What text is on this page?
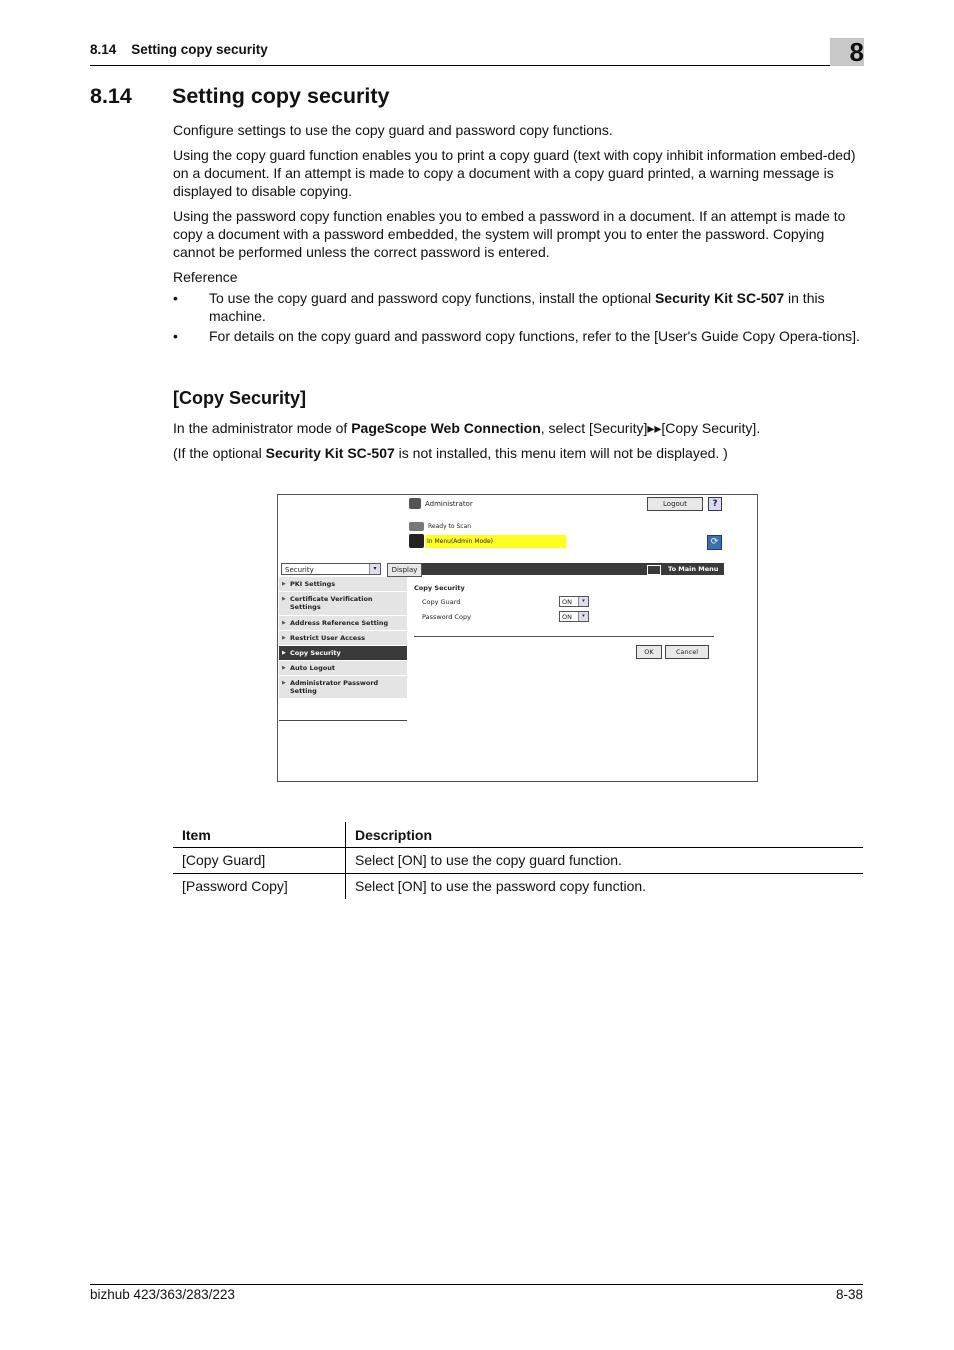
8.14    Setting copy security	8
8.14 Setting copy security
Configure settings to use the copy guard and password copy functions.
Using the copy guard function enables you to print a copy guard (text with copy inhibit information embed-ded) on a document. If an attempt is made to copy a document with a copy guard printed, a warning message is displayed to disable copying.
Using the password copy function enables you to embed a password in a document. If an attempt is made to copy a document with a password embedded, the system will prompt you to enter the password. Copying cannot be performed unless the correct password is entered.
Reference
• To use the copy guard and password copy functions, install the optional Security Kit SC-507 in this machine.
• For details on the copy guard and password copy functions, refer to the [User's Guide Copy Opera-tions].
[Copy Security]
In the administrator mode of PageScope Web Connection, select [Security]▸▸[Copy Security].
(If the optional Security Kit SC-507 is not installed, this menu item will not be displayed. )
Administrator	Logout	?
Ready to Scan
In Menu(Admin Mode)	⟳
Security	▾	Display	To Main Menu
▶ PKI Settings
▶ Certificate Verification Settings
▶ Address Reference Setting
▶ Restrict User Access
▶ Copy Security
▶ Auto Logout
▶ Administrator Password Setting
Copy Security
Copy Guard	ON	▾
Password Copy	ON	▾
OK	Cancel
Item	Description
[Copy Guard]	Select [ON] to use the copy guard function.
[Password Copy]	Select [ON] to use the password copy function.
bizhub 423/363/283/223	8-38
